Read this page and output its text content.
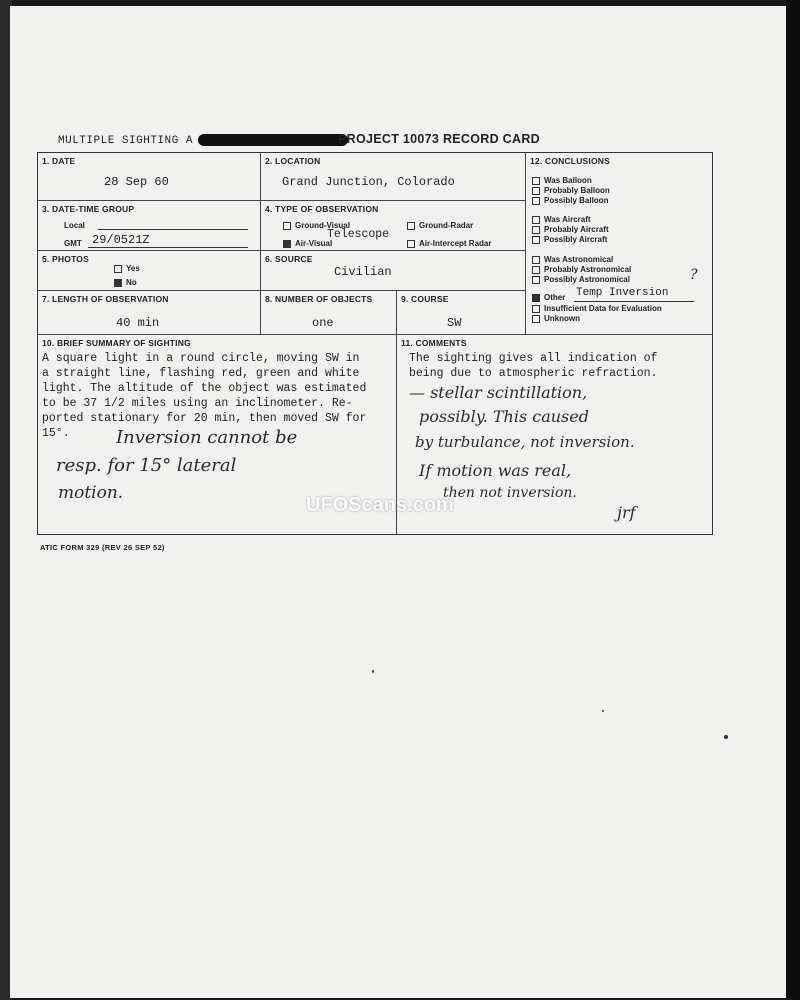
MULTIPLE SIGHTING A	PROJECT 10073 RECORD CARD
1. DATE
28 Sep 60
2. LOCATION
Grand Junction, Colorado
3. DATE-TIME GROUP
Local
GMT 29/0521Z
4. TYPE OF OBSERVATION
Ground-Visual	Ground-Radar
Air-Visual	Air-Intercept Radar
Telescope
5. PHOTOS
Yes
No
6. SOURCE
Civilian
7. LENGTH OF OBSERVATION
40 min
8. NUMBER OF OBJECTS
one
9. COURSE
SW
12. CONCLUSIONS
Was Balloon
Probably Balloon
Possibly Balloon
Was Aircraft
Probably Aircraft
Possibly Aircraft
Was Astronomical
Probably Astronomical
Possibly Astronomical	?
Other Temp Inversion
Insufficient Data for Evaluation
Unknown
10. BRIEF SUMMARY OF SIGHTING
A square light in a round circle, moving SW in
a straight line, flashing red, green and white
light. The altitude of the object was estimated
to be 37 1/2 miles using an inclinometer. Re-
ported stationary for 20 min, then moved SW for
15°.	Inversion cannot be
resp. for 15° lateral
motion.
11. COMMENTS
The sighting gives all indication of
being due to atmospheric refraction.
— stellar scintillation,
possibly. This caused
by turbulance, not inversion.
If motion was real,
then not inversion.
jrf
ATIC FORM 329 (REV 26 SEP 52)
UFOScans.com
